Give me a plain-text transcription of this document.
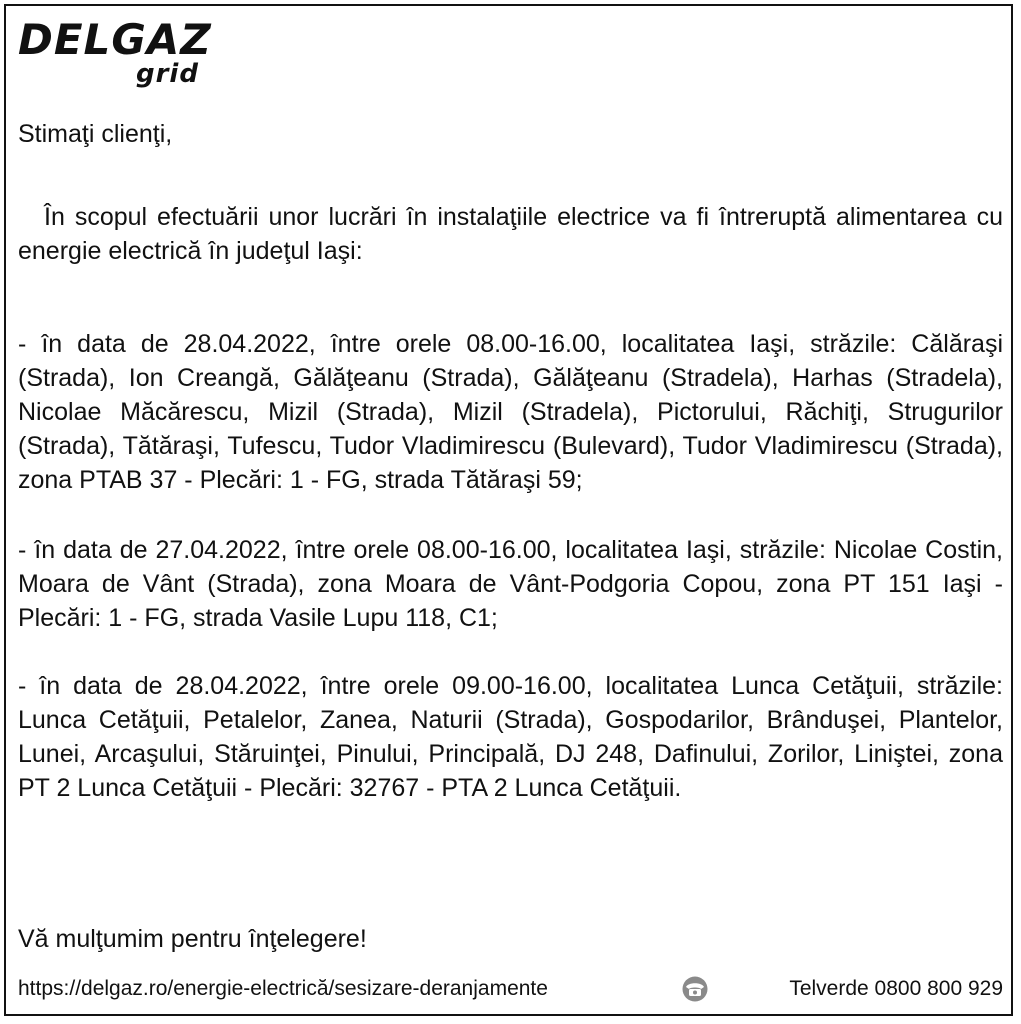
DELGAZ
grid

Stimaţi clienţi,

În scopul efectuării unor lucrări în instalaţiile electrice va fi întreruptă alimentarea cu energie electrică în judeţul Iaşi:

- în data de 28.04.2022, între orele 08.00-16.00, localitatea Iaşi, străzile: Călăraşi (Strada), Ion Creangă, Gălăţeanu (Strada), Gălăţeanu (Stradela), Harhas (Stradela), Nicolae Măcărescu, Mizil (Strada), Mizil (Stradela), Pictorului, Răchiţi, Strugurilor (Strada), Tătăraşi, Tufescu, Tudor Vladimirescu (Bulevard), Tudor Vladimirescu (Strada), zona PTAB 37 - Plecări: 1 - FG, strada Tătăraşi 59;

- în data de 27.04.2022, între orele 08.00-16.00, localitatea Iaşi, străzile: Nicolae Costin, Moara de Vânt (Strada), zona Moara de Vânt-Podgoria Copou, zona PT 151 Iaşi - Plecări: 1 - FG, strada Vasile Lupu 118, C1;

- în data de 28.04.2022, între orele 09.00-16.00, localitatea Lunca Cetăţuii, străzile: Lunca Cetăţuii, Petalelor, Zanea, Naturii (Strada), Gospodarilor, Brânduşei, Plantelor, Lunei, Arcaşului, Stăruinţei, Pinului, Principală, DJ 248, Dafinului, Zorilor, Liniştei, zona PT 2 Lunca Cetăţuii - Plecări: 32767 - PTA 2 Lunca Cetăţuii.

Vă mulţumim pentru înţelegere!

https://delgaz.ro/energie-electrică/sesizare-deranjamente	Telverde 0800 800 929
